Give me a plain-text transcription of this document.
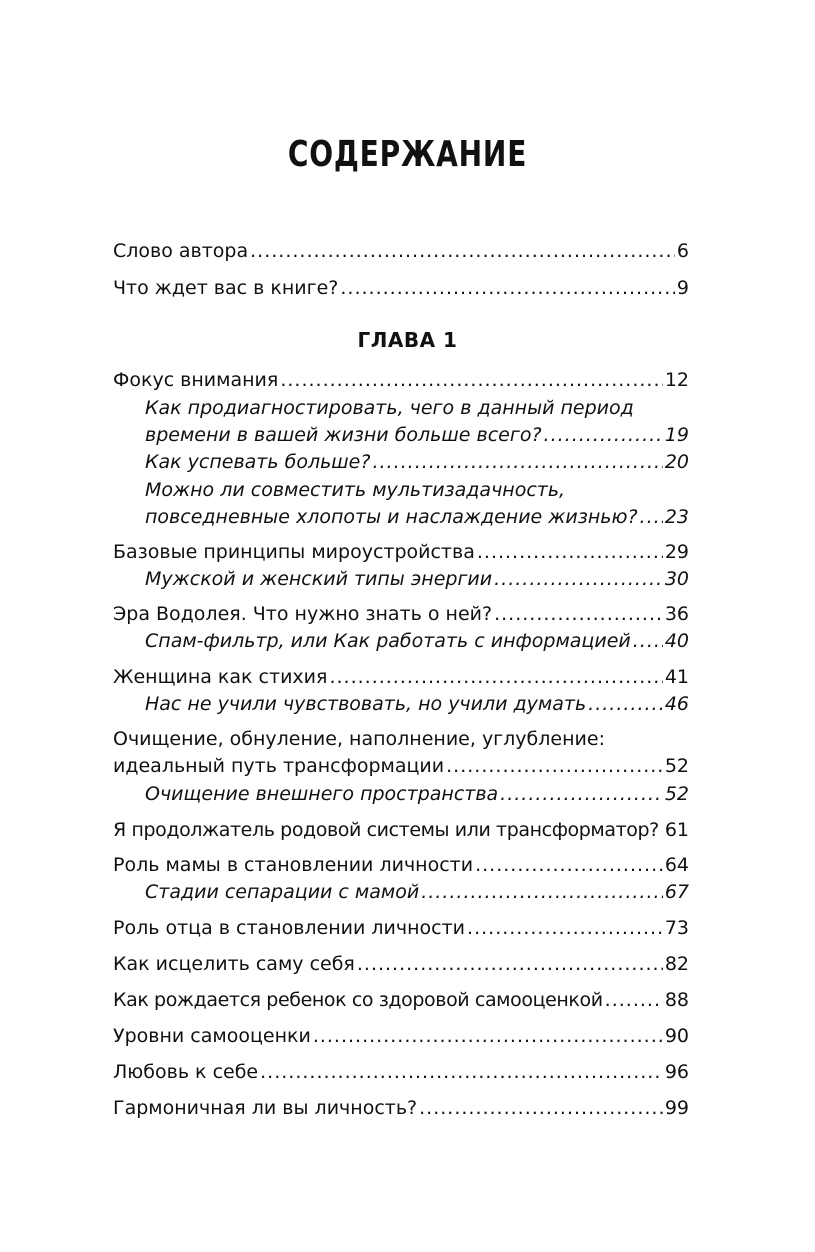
СОДЕРЖАНИЕ
Слово автора .....	6
Что ждет вас в книге? .....	9
ГЛАВА 1
Фокус внимания .....	12
Как продиагностировать, чего в данный период
времени в вашей жизни больше всего? .....	19
Как успевать больше? .....	20
Можно ли совместить мультизадачность,
повседневные хлопоты и наслаждение жизнью? ..... 23
Базовые принципы мироустройства .....	29
Мужской и женский типы энергии .....	30
Эра Водолея. Что нужно знать о ней? .....	36
Спам-фильтр, или Как работать с информацией ..... 40
Женщина как стихия .....	41
Нас не учили чувствовать, но учили думать .....	46
Очищение, обнуление, наполнение, углубление:
идеальный путь трансформации .....	52
Очищение внешнего пространства .....	52
Я продолжатель родовой системы или трансформатор? ..... 61
Роль мамы в становлении личности .....	64
Стадии сепарации с мамой .....	67
Роль отца в становлении личности .....	73
Как исцелить саму себя .....	82
Как рождается ребенок со здоровой самооценкой .....	88
Уровни самооценки .....	90
Любовь к себе .....	96
Гармоничная ли вы личность? .....	99
